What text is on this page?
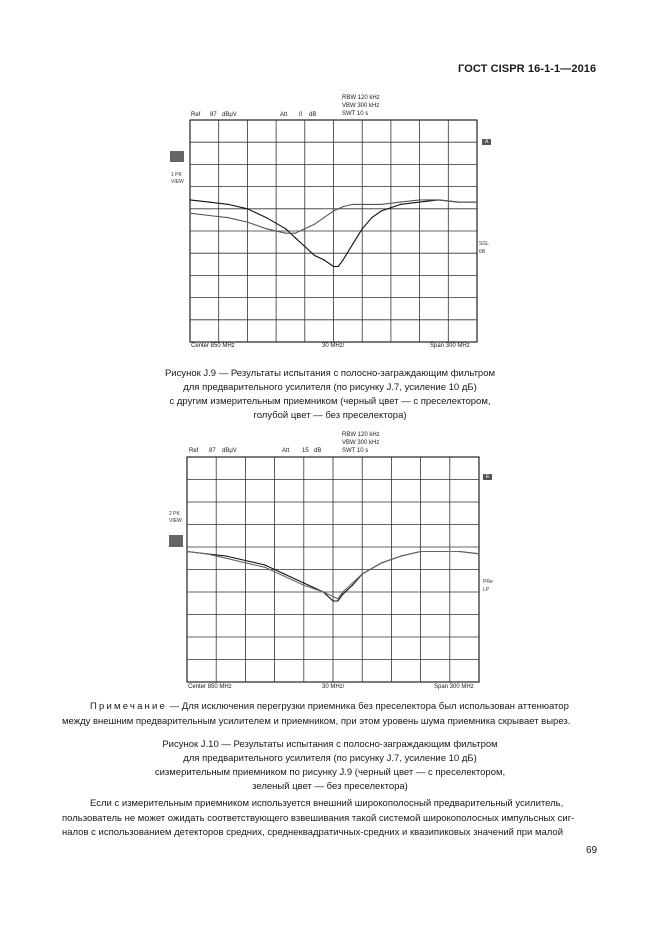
ГОСТ CISPR 16-1-1—2016
RBW 120 kHz
VBW 300 kHz
SWT 10 s
Ref 87 dBμV	Att 0 dB
1 PK
VIEW
A
SGL
6B
Center 850 MHz	30 MHz/	Span 300 MHz
Рисунок J.9 — Результаты испытания с полосно-заграждающим фильтром
для предварительного усилителя (по рисунку J.7, усиление 10 дБ)
с другим измерительным приемником (черный цвет — с преселектором,
голубой цвет — без преселектора)
RBW 120 kHz
VBW 300 kHz
SWT 10 s
Ref 87 dBμV	Att 15 dB
2 PK
VIEW
E
PRe
LP
Center 850 MHz	30 MHz/	Span 300 MHz
Примечание — Для исключения перегрузки приемника без преселектора был использован аттенюатор
между внешним предварительным усилителем и приемником, при этом уровень шума приемника скрывает вырез.
Рисунок J.10 — Результаты испытания с полосно-заграждающим фильтром
для предварительного усилителя (по рисунку J.7, усиление 10 дБ)
сизмерительным приемником по рисунку J.9 (черный цвет — с преселектором,
зеленый цвет — без преселектора)
Если с измерительным приемником используется внешний широкополосный предварительный усилитель,
пользователь не может ожидать соответствующего взвешивания такой системой широкополосных импульсных сиг-
налов с использованием детекторов средних, среднеквадратичных-средних и квазипиковых значений при малой
69
